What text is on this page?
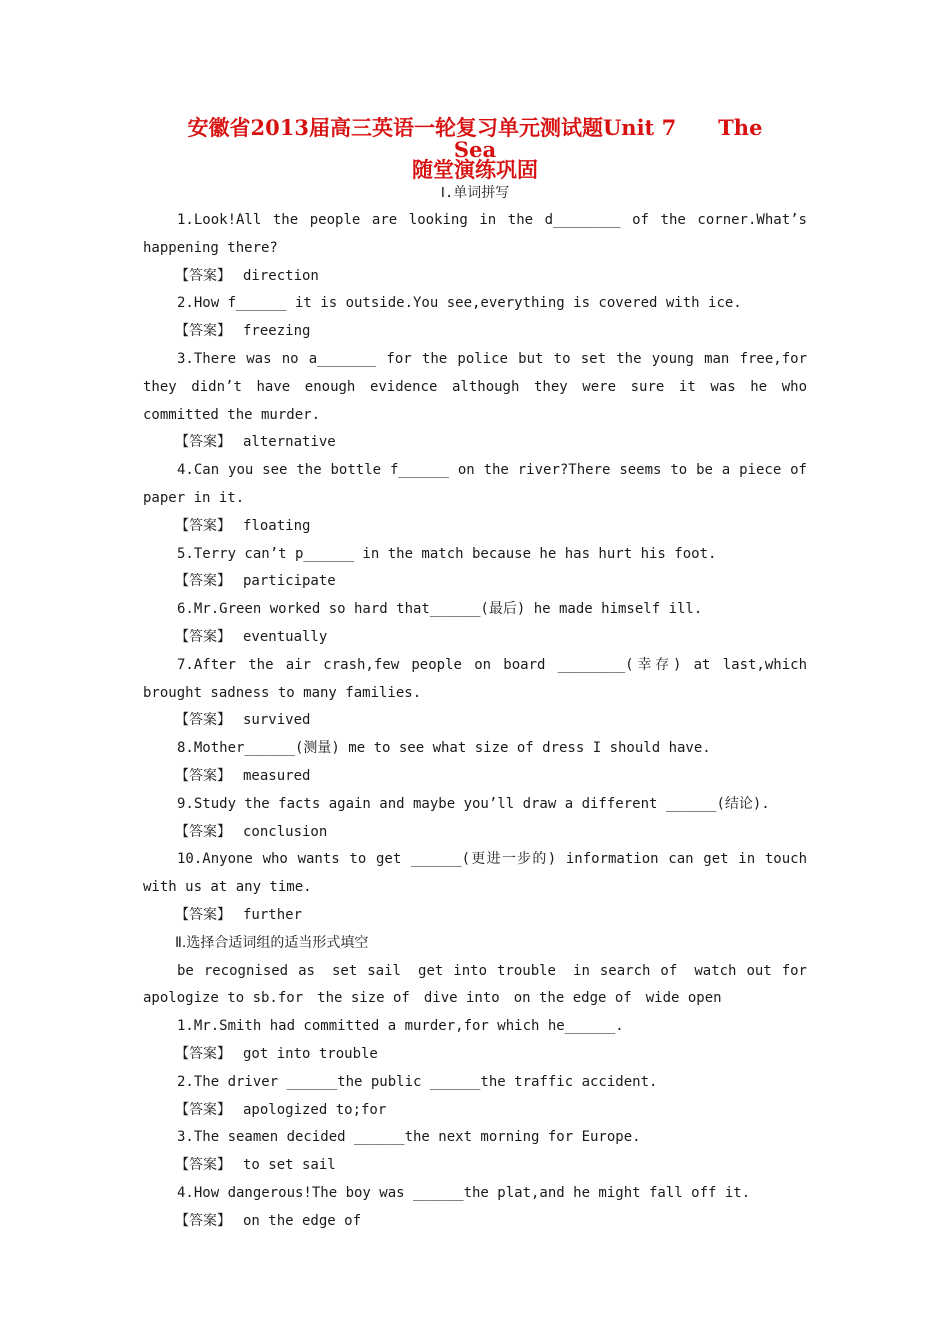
安徽省2013届高三英语一轮复习单元测试题Unit 7　　The
Sea
随堂演练巩固
Ⅰ.单词拼写
1.Look!All the people are looking in the d________ of the corner.What’s happening there?
【答案】 direction
2.How f______ it is outside.You see,everything is covered with ice.
【答案】 freezing
3.There was no a_______ for the police but to set the young man free,for they didn’t have enough evidence although they were sure it was he who committed the murder.
【答案】 alternative
4.Can you see the bottle f______ on the river?There seems to be a piece of paper in it.
【答案】 floating
5.Terry can’t p______ in the match because he has hurt his foot.
【答案】 participate
6.Mr.Green worked so hard that______(最后) he made himself ill.
【答案】 eventually
7.After the air crash,few people on board ________(幸存) at last,which brought sadness to many families.
【答案】 survived
8.Mother______(测量) me to see what size of dress I should have.
【答案】 measured
9.Study the facts again and maybe you’ll draw a different ______(结论).
【答案】 conclusion
10.Anyone who wants to get ______(更进一步的) information can get in touch with us at any time.
【答案】 further
Ⅱ.选择合适词组的适当形式填空
be recognised as　set sail　get into trouble　in search of　watch out for　apologize to sb.for　the size of　dive into　on the edge of　wide open
1.Mr.Smith had committed a murder,for which he______.
【答案】 got into trouble
2.The driver ______the public ______the traffic accident.
【答案】 apologized to;for
3.The seamen decided ______the next morning for Europe.
【答案】 to set sail
4.How dangerous!The boy was ______the plat,and he might fall off it.
【答案】 on the edge of
